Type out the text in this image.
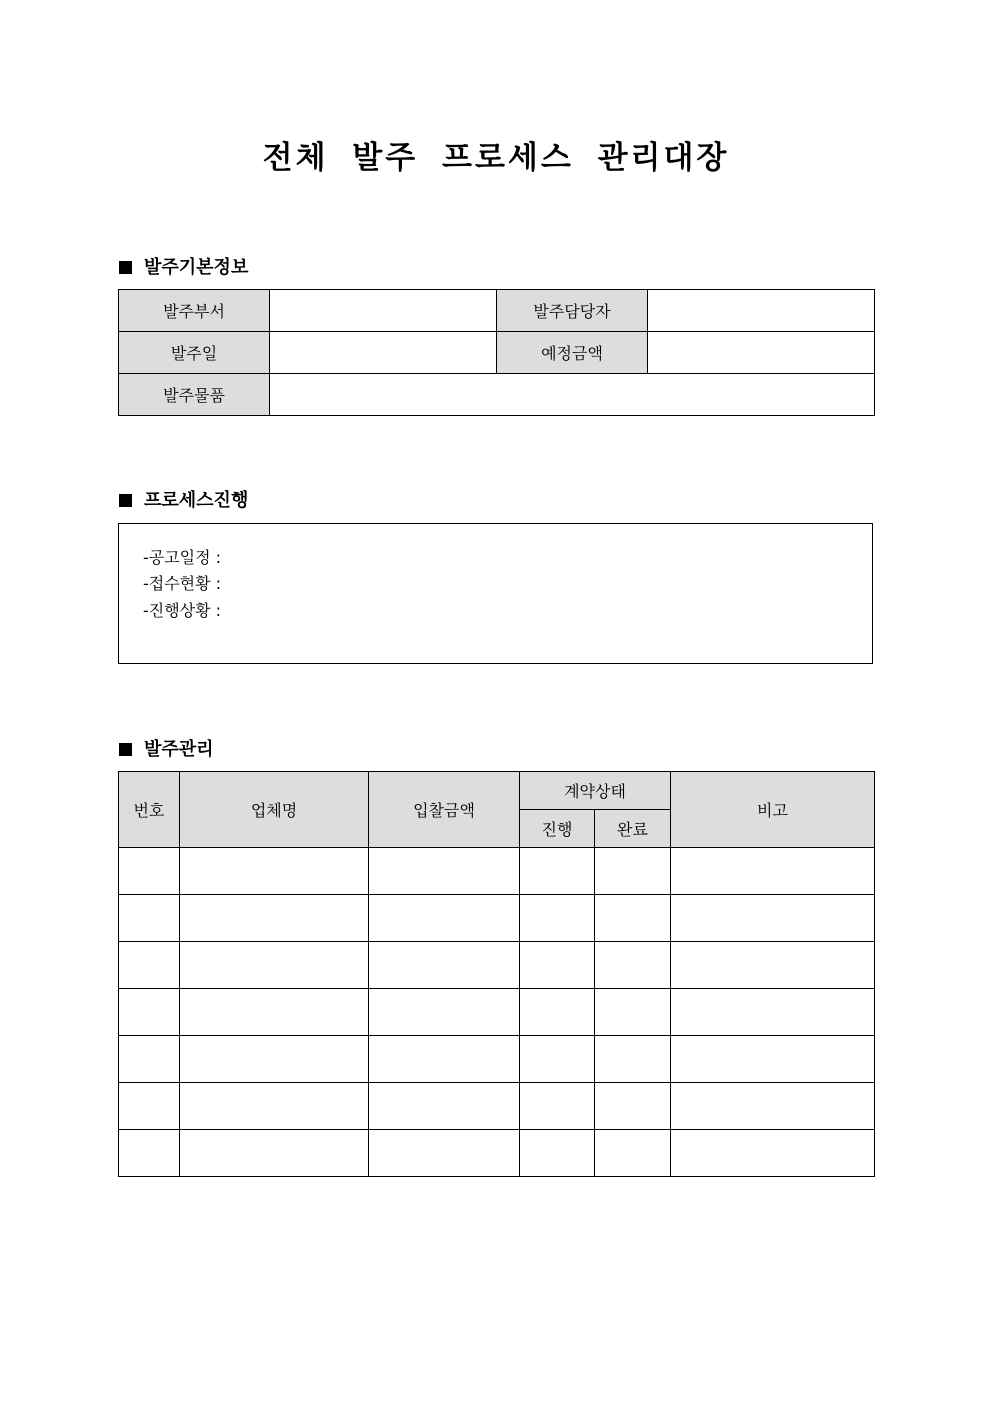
전체 발주 프로세스 관리대장
발주기본정보
발주부서		발주담당자	
발주일		예정금액	
발주물품			
프로세스진행
-공고일정 :
-접수현황 :
-진행상황 :
발주관리
번호	업체명	입찰금액	계약상태		비고
			진행	완료	
